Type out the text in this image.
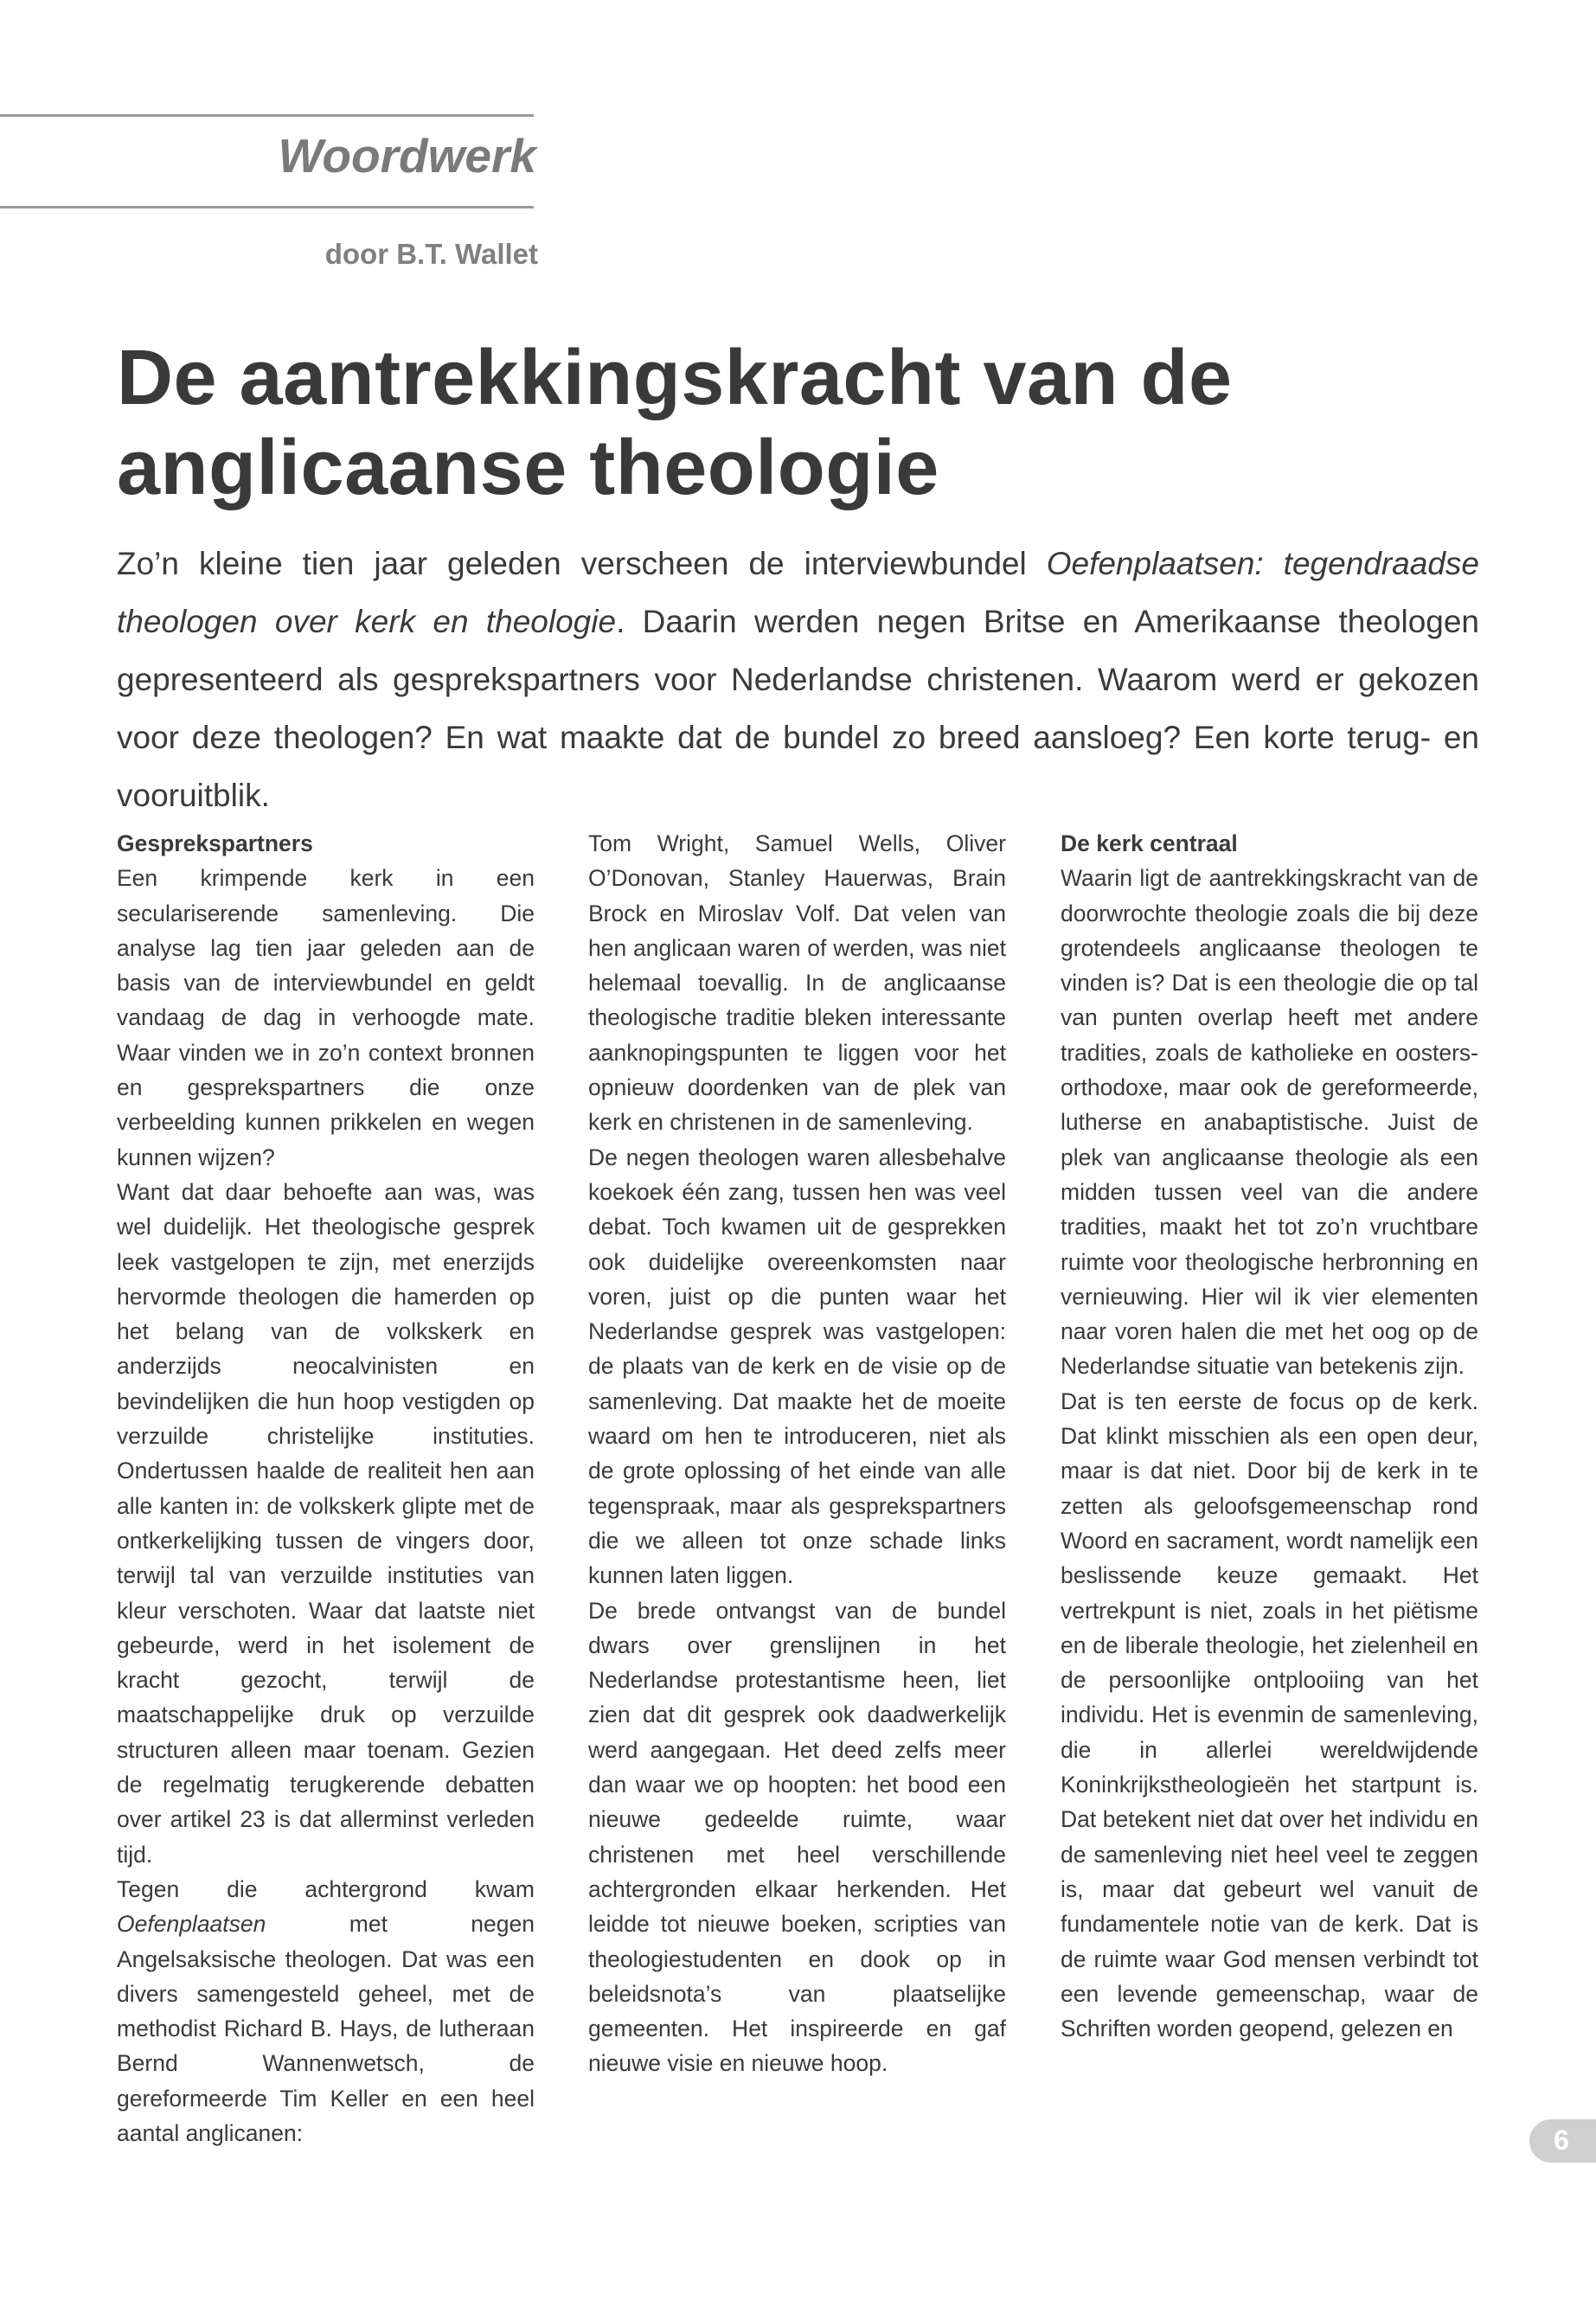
Woordwerk
door B.T. Wallet
De aantrekkingskracht van de anglicaanse theologie

Zo’n kleine tien jaar geleden verscheen de interviewbundel Oefenplaatsen: tegendraadse theologen over kerk en theologie. Daarin werden negen Britse en Amerikaanse theologen gepresenteerd als gesprekspartners voor Nederlandse christenen. Waarom werd er gekozen voor deze theologen? En wat maakte dat de bundel zo breed aansloeg? Een korte terug- en vooruitblik.

Gesprekspartners

Een krimpende kerk in een seculariserende samenleving. Die analyse lag tien jaar geleden aan de basis van de interviewbundel en geldt vandaag de dag in verhoogde mate. Waar vinden we in zo’n context bronnen en gesprekspartners die onze verbeelding kunnen prikkelen en wegen kunnen wijzen?

Want dat daar behoefte aan was, was wel duidelijk. Het theologische gesprek leek vastgelopen te zijn, met enerzijds hervormde theologen die hamerden op het belang van de volkskerk en anderzijds neocalvinisten en bevindelijken die hun hoop vestigden op verzuilde christelijke instituties. Ondertussen haalde de realiteit hen aan alle kanten in: de volkskerk glipte met de ontkerkelijking tussen de vingers door, terwijl tal van verzuilde instituties van kleur verschoten. Waar dat laatste niet gebeurde, werd in het isolement de kracht gezocht, terwijl de maatschappelijke druk op verzuilde structuren alleen maar toenam. Gezien de regelmatig terugkerende debatten over artikel 23 is dat allerminst verleden tijd.

Tegen die achtergrond kwam Oefenplaatsen met negen Angelsaksische theologen. Dat was een divers samengesteld geheel, met de methodist Richard B. Hays, de lutheraan Bernd Wannenwetsch, de gereformeerde Tim Keller en een heel aantal anglicanen:

Tom Wright, Samuel Wells, Oliver O’Donovan, Stanley Hauerwas, Brain Brock en Miroslav Volf. Dat velen van hen anglicaan waren of werden, was niet helemaal toevallig. In de anglicaanse theologische traditie bleken interessante aanknopingspunten te liggen voor het opnieuw doordenken van de plek van kerk en christenen in de samenleving.

De negen theologen waren allesbehalve koekoek één zang, tussen hen was veel debat. Toch kwamen uit de gesprekken ook duidelijke overeenkomsten naar voren, juist op die punten waar het Nederlandse gesprek was vastgelopen: de plaats van de kerk en de visie op de samenleving. Dat maakte het de moeite waard om hen te introduceren, niet als de grote oplossing of het einde van alle tegenspraak, maar als gesprekspartners die we alleen tot onze schade links kunnen laten liggen.

De brede ontvangst van de bundel dwars over grenslijnen in het Nederlandse protestantisme heen, liet zien dat dit gesprek ook daadwerkelijk werd aangegaan. Het deed zelfs meer dan waar we op hoopten: het bood een nieuwe gedeelde ruimte, waar christenen met heel verschillende achtergronden elkaar herkenden. Het leidde tot nieuwe boeken, scripties van theologiestudenten en dook op in beleidsnota’s van plaatselijke gemeenten. Het inspireerde en gaf nieuwe visie en nieuwe hoop.

De kerk centraal

Waarin ligt de aantrekkingskracht van de doorwrochte theologie zoals die bij deze grotendeels anglicaanse theologen te vinden is? Dat is een theologie die op tal van punten overlap heeft met andere tradities, zoals de katholieke en oosters-orthodoxe, maar ook de gereformeerde, lutherse en anabaptistische. Juist de plek van anglicaanse theologie als een midden tussen veel van die andere tradities, maakt het tot zo’n vruchtbare ruimte voor theologische herbronning en vernieuwing. Hier wil ik vier elementen naar voren halen die met het oog op de Nederlandse situatie van betekenis zijn.

Dat is ten eerste de focus op de kerk. Dat klinkt misschien als een open deur, maar is dat niet. Door bij de kerk in te zetten als geloofsgemeenschap rond Woord en sacrament, wordt namelijk een beslissende keuze gemaakt. Het vertrekpunt is niet, zoals in het piëtisme en de liberale theologie, het zielenheil en de persoonlijke ontplooiing van het individu. Het is evenmin de samenleving, die in allerlei wereldwijdende Koninkrijkstheologieën het startpunt is. Dat betekent niet dat over het individu en de samenleving niet heel veel te zeggen is, maar dat gebeurt wel vanuit de fundamentele notie van de kerk. Dat is de ruimte waar God mensen verbindt tot een levende gemeenschap, waar de Schriften worden geopend, gelezen en

6
